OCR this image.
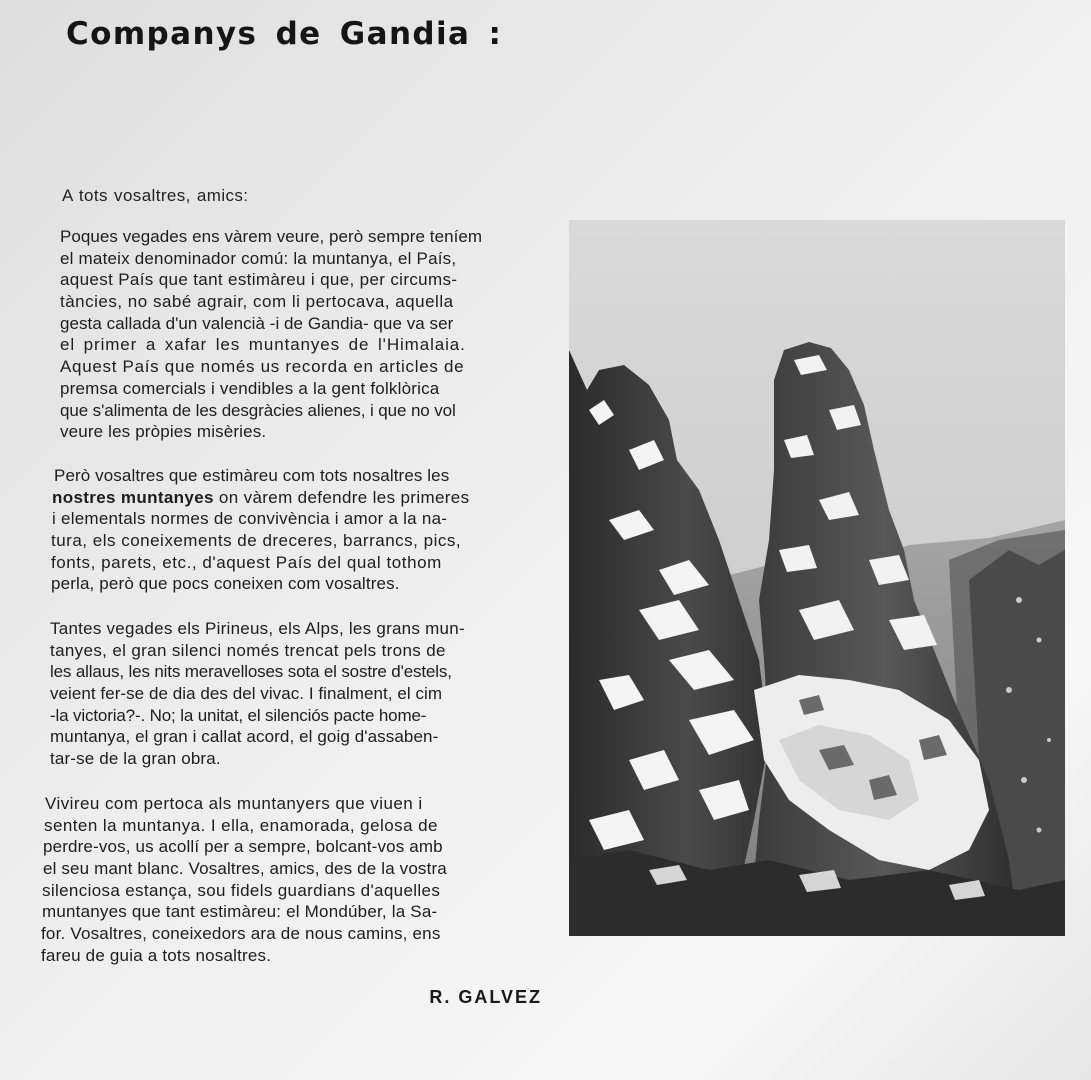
Companys de Gandia :
A tots vosaltres, amics:
Poques vegades ens vàrem veure, però sempre teníem
el mateix denominador comú: la muntanya, el País,
aquest País que tant estimàreu i que, per circums-
tàncies, no sabé agrair, com li pertocava, aquella
gesta callada d'un valencià -i de Gandia- que va ser
el primer a xafar les muntanyes de l'Himalaia.
Aquest País que només us recorda en articles de
premsa comercials i vendibles a la gent folklòrica
que s'alimenta de les desgràcies alienes, i que no vol
veure les pròpies misèries.
Però vosaltres que estimàreu com tots nosaltres les
nostres muntanyes on vàrem defendre les primeres
i elementals normes de convivència i amor a la na-
tura, els coneixements de dreceres, barrancs, pics,
fonts, parets, etc., d'aquest País del qual tothom
perla, però que pocs coneixen com vosaltres.
Tantes vegades els Pirineus, els Alps, les grans mun-
tanyes, el gran silenci només trencat pels trons de
les allaus, les nits meravelloses sota el sostre d'estels,
veient fer-se de dia des del vivac. I finalment, el cim
-la victoria?-. No; la unitat, el silenciós pacte home-
muntanya, el gran i callat acord, el goig d'assaben-
tar-se de la gran obra.
Vivireu com pertoca als muntanyers que viuen i
senten la muntanya. I ella, enamorada, gelosa de
perdre-vos, us acollí per a sempre, bolcant-vos amb
el seu mant blanc. Vosaltres, amics, des de la vostra
silenciosa estança, sou fidels guardians d'aquelles
muntanyes que tant estimàreu: el Mondúber, la Sa-
for. Vosaltres, coneixedors ara de nous camins, ens
fareu de guia a tots nosaltres.
R. GALVEZ
